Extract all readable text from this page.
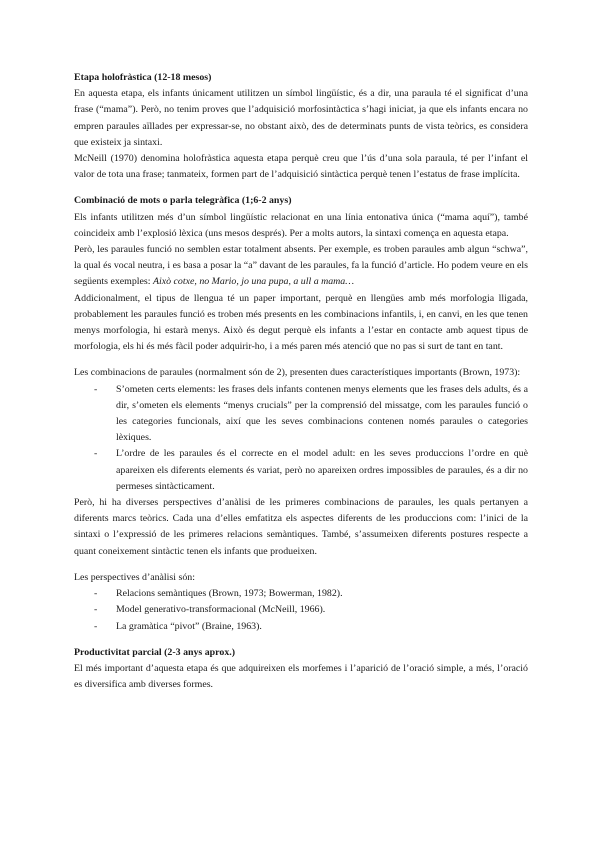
Etapa holofràstica (12-18 mesos)

En aquesta etapa, els infants únicament utilitzen un símbol lingüístic, és a dir, una paraula té el significat d’una frase (“mama”). Però, no tenim proves que l’adquisició morfosintàctica s’hagi iniciat, ja que els infants encara no empren paraules aïllades per expressar-se, no obstant això, des de determinats punts de vista teòrics, es considera que existeix ja sintaxi.

McNeill (1970) denomina holofràstica aquesta etapa perquè creu que l’ús d’una sola paraula, té per l’infant el valor de tota una frase; tanmateix, formen part de l’adquisició sintàctica perquè tenen l’estatus de frase implícita.

Combinació de mots o parla telegràfica (1;6-2 anys)

Els infants utilitzen més d’un símbol lingüístic relacionat en una línia entonativa única (“mama aquí”), també coincideix amb l’explosió lèxica (uns mesos després). Per a molts autors, la sintaxi comença en aquesta etapa.

Però, les paraules funció no semblen estar totalment absents. Per exemple, es troben paraules amb algun “schwa”, la qual és vocal neutra, i es basa a posar la “a” davant de les paraules, fa la funció d’article. Ho podem veure en els següents exemples: Això cotxe, no Mario, jo una pupa, a ull a mama…

Addicionalment, el tipus de llengua té un paper important, perquè en llengües amb més morfologia lligada, probablement les paraules funció es troben més presents en les combinacions infantils, i, en canvi, en les que tenen menys morfologia, hi estarà menys. Això és degut perquè els infants a l’estar en contacte amb aquest tipus de morfologia, els hi és més fàcil poder adquirir-ho, i a més paren més atenció que no pas si surt de tant en tant.

Les combinacions de paraules (normalment són de 2), presenten dues característiques importants (Brown, 1973):

- S’ometen certs elements: les frases dels infants contenen menys elements que les frases dels adults, és a dir, s’ometen els elements “menys crucials” per la comprensió del missatge, com les paraules funció o les categories funcionals, així que les seves combinacions contenen només paraules o categories lèxiques.
- L’ordre de les paraules és el correcte en el model adult: en les seves produccions l’ordre en què apareixen els diferents elements és variat, però no apareixen ordres impossibles de paraules, és a dir no permeses sintàcticament.

Però, hi ha diverses perspectives d’anàlisi de les primeres combinacions de paraules, les quals pertanyen a diferents marcs teòrics. Cada una d’elles emfatitza els aspectes diferents de les produccions com: l’inici de la sintaxi o l’expressió de les primeres relacions semàntiques. També, s’assumeixen diferents postures respecte a quant coneixement sintàctic tenen els infants que produeixen.

Les perspectives d’anàlisi són:

- Relacions semàntiques (Brown, 1973; Bowerman, 1982).
- Model generativo-transformacional (McNeill, 1966).
- La gramàtica “pivot” (Braine, 1963).
Productivitat parcial (2-3 anys aprox.)

El més important d’aquesta etapa és que adquireixen els morfemes i l’aparició de l’oració simple, a més, l’oració es diversifica amb diverses formes.
